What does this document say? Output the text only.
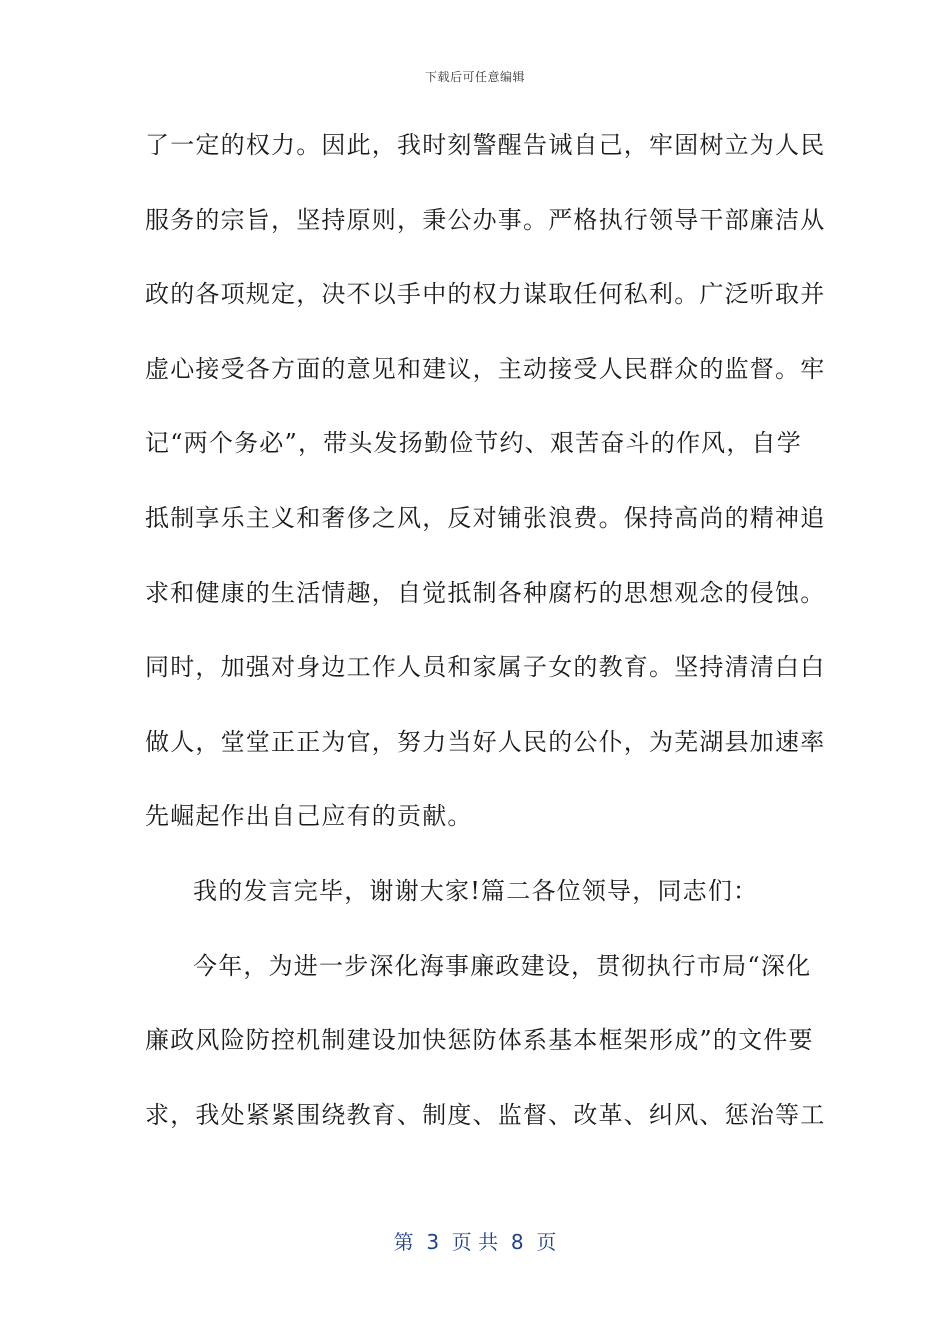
下载后可任意编辑
了一定的权力。因此，我时刻警醒告诫自己，牢固树立为人民
服务的宗旨，坚持原则，秉公办事。严格执行领导干部廉洁从
政的各项规定，决不以手中的权力谋取任何私利。广泛听取并
虚心接受各方面的意见和建议，主动接受人民群众的监督。牢
记“两个务必”，带头发扬勤俭节约、艰苦奋斗的作风，自学
抵制享乐主义和奢侈之风，反对铺张浪费。保持高尚的精神追
求和健康的生活情趣，自觉抵制各种腐朽的思想观念的侵蚀。
同时，加强对身边工作人员和家属子女的教育。坚持清清白白
做人，堂堂正正为官，努力当好人民的公仆，为芜湖县加速率
先崛起作出自己应有的贡献。
我的发言完毕，谢谢大家!篇二各位领导，同志们：
今年，为进一步深化海事廉政建设，贯彻执行市局“深化
廉政风险防控机制建设加快惩防体系基本框架形成”的文件要
求，我处紧紧围绕教育、制度、监督、改革、纠风、惩治等工
第  3  页 共  8  页
